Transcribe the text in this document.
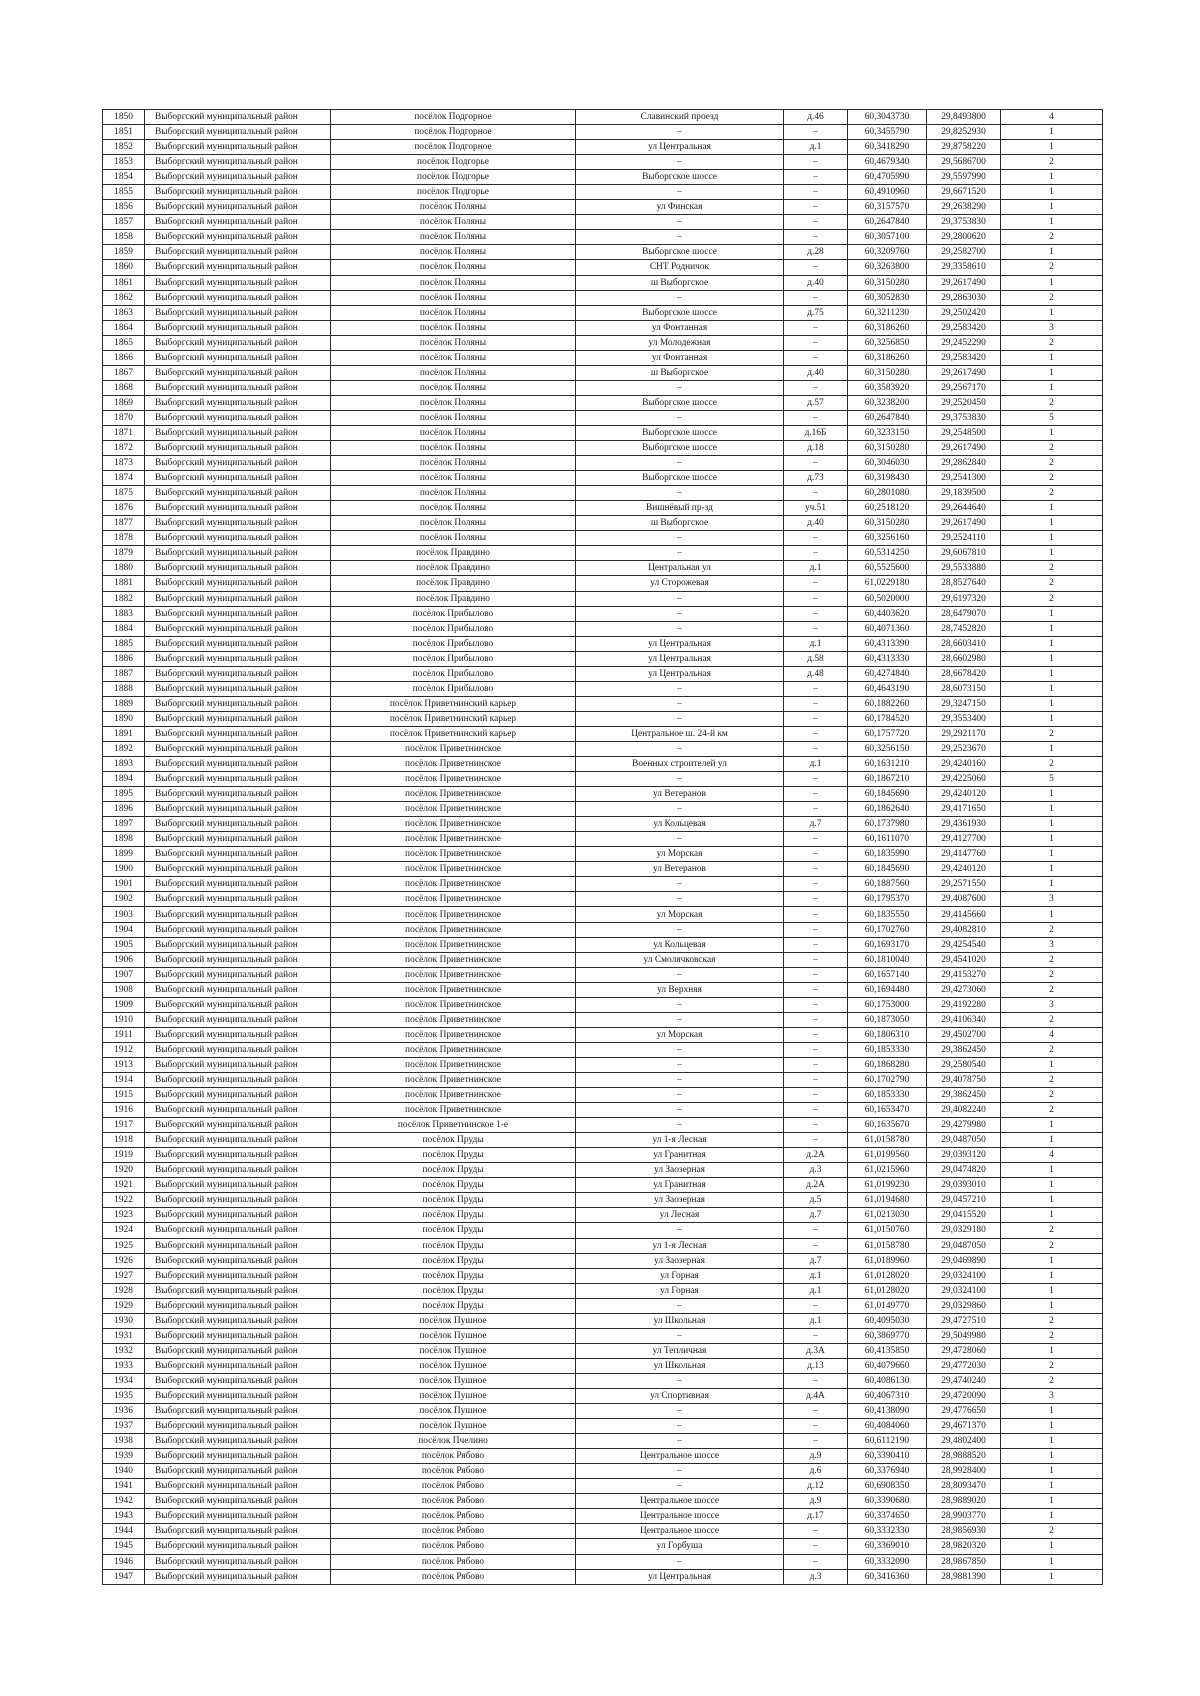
1850	Выборгский муниципальный район	посёлок Подгорное	Славинский проезд	д.46	60,3043730	29,8493800	4
1851	Выборгский муниципальный район	посёлок Подгорное	–	–	60,3455790	29,8252930	1
1852	Выборгский муниципальный район	посёлок Подгорное	ул Центральная	д.1	60,3418290	29,8758220	1
1853	Выборгский муниципальный район	посёлок Подгорье	–	–	60,4679340	29,5686700	2
1854	Выборгский муниципальный район	посёлок Подгорье	Выборгское шоссе	–	60,4705990	29,5597990	1
1855	Выборгский муниципальный район	посёлок Подгорье	–	–	60,4910960	29,6671520	1
1856	Выборгский муниципальный район	посёлок Поляны	ул Финская	–	60,3157570	29,2638290	1
1857	Выборгский муниципальный район	посёлок Поляны	–	–	60,2647840	29,3753830	1
1858	Выборгский муниципальный район	посёлок Поляны	–	–	60,3057100	29,2800620	2
1859	Выборгский муниципальный район	посёлок Поляны	Выборгское шоссе	д.28	60,3209760	29,2582700	1
1860	Выборгский муниципальный район	посёлок Поляны	СНТ Родничок	–	60,3263800	29,3358610	2
1861	Выборгский муниципальный район	посёлок Поляны	ш Выборгское	д.40	60,3150280	29,2617490	1
1862	Выборгский муниципальный район	посёлок Поляны	–	–	60,3052830	29,2863030	2
1863	Выборгский муниципальный район	посёлок Поляны	Выборгское шоссе	д.75	60,3211230	29,2502420	1
1864	Выборгский муниципальный район	посёлок Поляны	ул Фонтанная	–	60,3186260	29,2583420	3
1865	Выборгский муниципальный район	посёлок Поляны	ул Молодежная	–	60,3256850	29,2452290	2
1866	Выборгский муниципальный район	посёлок Поляны	ул Фонтанная	–	60,3186260	29,2583420	1
1867	Выборгский муниципальный район	посёлок Поляны	ш Выборгское	д.40	60,3150280	29,2617490	1
1868	Выборгский муниципальный район	посёлок Поляны	–	–	60,3583920	29,2567170	1
1869	Выборгский муниципальный район	посёлок Поляны	Выборгское шоссе	д.57	60,3238200	29,2520450	2
1870	Выборгский муниципальный район	посёлок Поляны	–	–	60,2647840	29,3753830	5
1871	Выборгский муниципальный район	посёлок Поляны	Выборгское шоссе	д.16Б	60,3233150	29,2548500	1
1872	Выборгский муниципальный район	посёлок Поляны	Выборгское шоссе	д.18	60,3150280	29,2617490	2
1873	Выборгский муниципальный район	посёлок Поляны	–	–	60,3046030	29,2862840	2
1874	Выборгский муниципальный район	посёлок Поляны	Выборгское шоссе	д.73	60,3198430	29,2541300	2
1875	Выборгский муниципальный район	посёлок Поляны	–	–	60,2801080	29,1839500	2
1876	Выборгский муниципальный район	посёлок Поляны	Вишнёвый пр-зд	уч.51	60,2518120	29,2644640	1
1877	Выборгский муниципальный район	посёлок Поляны	ш Выборгское	д.40	60,3150280	29,2617490	1
1878	Выборгский муниципальный район	посёлок Поляны	–	–	60,3256160	29,2524110	1
1879	Выборгский муниципальный район	посёлок Правдино	–	–	60,5314250	29,6067810	1
1880	Выборгский муниципальный район	посёлок Правдино	Центральная ул	д.1	60,5525600	29,5533880	2
1881	Выборгский муниципальный район	посёлок Правдино	ул Сторожевая	–	61,0229180	28,8527640	2
1882	Выборгский муниципальный район	посёлок Правдино	–	–	60,5020000	29,6197320	2
1883	Выборгский муниципальный район	посёлок Прибылово	–	–	60,4403620	28,6479070	1
1884	Выборгский муниципальный район	посёлок Прибылово	–	–	60,4071360	28,7452820	1
1885	Выборгский муниципальный район	посёлок Прибылово	ул Центральная	д.1	60,4313390	28,6603410	1
1886	Выборгский муниципальный район	посёлок Прибылово	ул Центральная	д.58	60,4313330	28,6602980	1
1887	Выборгский муниципальный район	посёлок Прибылово	ул Центральная	д.48	60,4274840	28,6678420	1
1888	Выборгский муниципальный район	посёлок Прибылово	–	–	60,4643190	28,6073150	1
1889	Выборгский муниципальный район	посёлок Приветнинский карьер	–	–	60,1882260	29,3247150	1
1890	Выборгский муниципальный район	посёлок Приветнинский карьер	–	–	60,1784520	29,3553400	1
1891	Выборгский муниципальный район	посёлок Приветнинский карьер	Центральное ш. 24-й км	–	60,1757720	29,2921170	2
1892	Выборгский муниципальный район	посёлок Приветнинское	–	–	60,3256150	29,2523670	1
1893	Выборгский муниципальный район	посёлок Приветнинское	Военных строителей ул	д.1	60,1631210	29,4240160	2
1894	Выборгский муниципальный район	посёлок Приветнинское	–	–	60,1867210	29,4225060	5
1895	Выборгский муниципальный район	посёлок Приветнинское	ул Ветеранов	–	60,1845690	29,4240120	1
1896	Выборгский муниципальный район	посёлок Приветнинское	–	–	60,1862640	29,4171650	1
1897	Выборгский муниципальный район	посёлок Приветнинское	ул Кольцевая	д.7	60,1737980	29,4361930	1
1898	Выборгский муниципальный район	посёлок Приветнинское	–	–	60,1611070	29,4127700	1
1899	Выборгский муниципальный район	посёлок Приветнинское	ул Морская	–	60,1835990	29,4147760	1
1900	Выборгский муниципальный район	посёлок Приветнинское	ул Ветеранов	–	60,1845690	29,4240120	1
1901	Выборгский муниципальный район	посёлок Приветнинское	–	–	60,1887560	29,2571550	1
1902	Выборгский муниципальный район	посёлок Приветнинское	–	–	60,1795370	29,4087600	3
1903	Выборгский муниципальный район	посёлок Приветнинское	ул Морская	–	60,1835550	29,4145660	1
1904	Выборгский муниципальный район	посёлок Приветнинское	–	–	60,1702760	29,4082810	2
1905	Выборгский муниципальный район	посёлок Приветнинское	ул Кольцевая	–	60,1693170	29,4254540	3
1906	Выборгский муниципальный район	посёлок Приветнинское	ул Смолячковская	–	60,1810040	29,4541020	2
1907	Выборгский муниципальный район	посёлок Приветнинское	–	–	60,1657140	29,4153270	2
1908	Выборгский муниципальный район	посёлок Приветнинское	ул Верхняя	–	60,1694480	29,4273060	2
1909	Выборгский муниципальный район	посёлок Приветнинское	–	–	60,1753000	29,4192280	3
1910	Выборгский муниципальный район	посёлок Приветнинское	–	–	60,1873050	29,4106340	2
1911	Выборгский муниципальный район	посёлок Приветнинское	ул Морская	–	60,1806310	29,4502700	4
1912	Выборгский муниципальный район	посёлок Приветнинское	–	–	60,1853330	29,3862450	2
1913	Выборгский муниципальный район	посёлок Приветнинское	–	–	60,1868280	29,2580540	1
1914	Выборгский муниципальный район	посёлок Приветнинское	–	–	60,1702790	29,4078750	2
1915	Выборгский муниципальный район	посёлок Приветнинское	–	–	60,1853330	29,3862450	2
1916	Выборгский муниципальный район	посёлок Приветнинское	–	–	60,1653470	29,4082240	2
1917	Выборгский муниципальный район	посёлок Приветнинское 1-е	–	–	60,1635670	29,4279980	1
1918	Выборгский муниципальный район	посёлок Пруды	ул 1-я Лесная	–	61,0158780	29,0487050	1
1919	Выборгский муниципальный район	посёлок Пруды	ул Гранитная	д.2А	61,0199560	29,0393120	4
1920	Выборгский муниципальный район	посёлок Пруды	ул Заозерная	д.3	61,0215960	29,0474820	1
1921	Выборгский муниципальный район	посёлок Пруды	ул Гранитная	д.2А	61,0199230	29,0393010	1
1922	Выборгский муниципальный район	посёлок Пруды	ул Заозерная	д.5	61,0194680	29,0457210	1
1923	Выборгский муниципальный район	посёлок Пруды	ул Лесная	д.7	61,0213030	29,0415520	1
1924	Выборгский муниципальный район	посёлок Пруды	–	–	61,0150760	29,0329180	2
1925	Выборгский муниципальный район	посёлок Пруды	ул 1-я Лесная	–	61,0158780	29,0487050	2
1926	Выборгский муниципальный район	посёлок Пруды	ул Заозерная	д.7	61,0189960	29,0469890	1
1927	Выборгский муниципальный район	посёлок Пруды	ул Горная	д.1	61,0128020	29,0324100	1
1928	Выборгский муниципальный район	посёлок Пруды	ул Горная	д.1	61,0128020	29,0324100	1
1929	Выборгский муниципальный район	посёлок Пруды	–	–	61,0149770	29,0329860	1
1930	Выборгский муниципальный район	посёлок Пушное	ул Школьная	д.1	60,4095030	29,4727510	2
1931	Выборгский муниципальный район	посёлок Пушное	–	–	60,3869770	29,5049980	2
1932	Выборгский муниципальный район	посёлок Пушное	ул Тепличная	д.3А	60,4135850	29,4728060	1
1933	Выборгский муниципальный район	посёлок Пушное	ул Школьная	д.13	60,4079660	29,4772030	2
1934	Выборгский муниципальный район	посёлок Пушное	–	–	60,4086130	29,4740240	2
1935	Выборгский муниципальный район	посёлок Пушное	ул Спортивная	д.4А	60,4067310	29,4720090	3
1936	Выборгский муниципальный район	посёлок Пушное	–	–	60,4138090	29,4776650	1
1937	Выборгский муниципальный район	посёлок Пушное	–	–	60,4084060	29,4671370	1
1938	Выборгский муниципальный район	посёлок Пчелино	–	–	60,6112190	29,4802400	1
1939	Выборгский муниципальный район	посёлок Рябово	Центральное шоссе	д.9	60,3390410	28,9888520	1
1940	Выборгский муниципальный район	посёлок Рябово	–	д.6	60,3376940	28,9928400	1
1941	Выборгский муниципальный район	посёлок Рябово	–	д.12	60,6908350	28,8093470	1
1942	Выборгский муниципальный район	посёлок Рябово	Центральное шоссе	д.9	60,3390680	28,9889020	1
1943	Выборгский муниципальный район	посёлок Рябово	Центральное шоссе	д.17	60,3374650	28,9903770	1
1944	Выборгский муниципальный район	посёлок Рябово	Центральное шоссе	–	60,3332330	28,9856930	2
1945	Выборгский муниципальный район	посёлок Рябово	ул Горбуша	–	60,3369010	28,9820320	1
1946	Выборгский муниципальный район	посёлок Рябово	–	–	60,3332090	28,9867850	1
1947	Выборгский муниципальный район	посёлок Рябово	ул Центральная	д.3	60,3416360	28,9881390	1
